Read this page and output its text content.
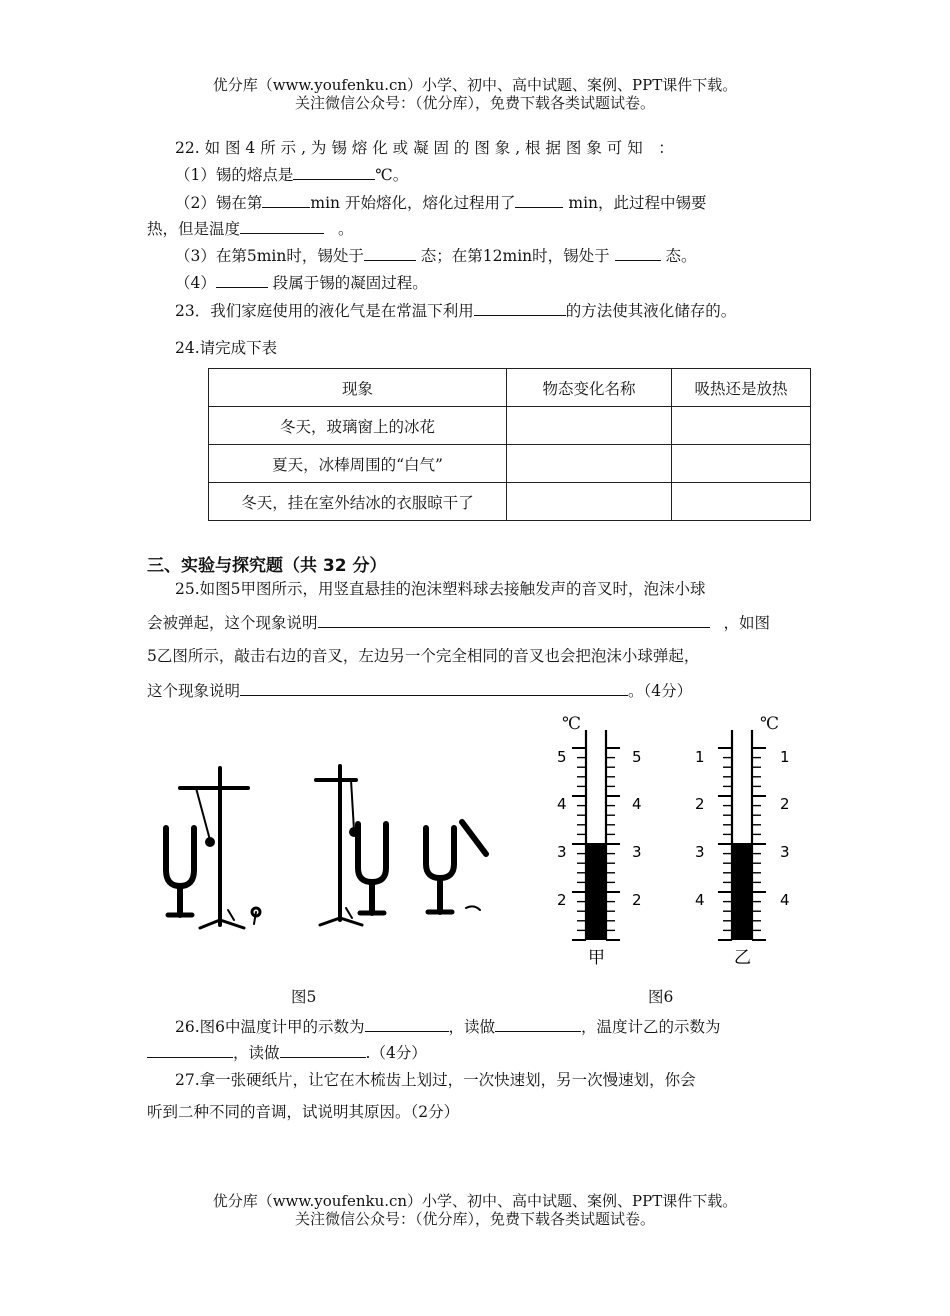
优分库（www.youfenku.cn）小学、初中、高中试题、案例、PPT课件下载。
关注微信公众号：（优分库），免费下载各类试题试卷。
22. 如 图 4 所 示 , 为 锡 熔 化 或 凝 固 的 图 象 , 根 据 图 象 可 知　：
（1）锡的熔点是	℃。
（2）锡在第	min 开始熔化，熔化过程用了	min，此过程中锡要
热，但是温度	。
（3）在第5min时，锡处于	态；在第12min时，锡处于	态。
（4）	段属于锡的凝固过程。
23．我们家庭使用的液化气是在常温下利用	的方法使其液化储存的。
24.请完成下表
现象	物态变化名称	吸热还是放热
冬天，玻璃窗上的冰花		
夏天，冰棒周围的“白气”		
冬天，挂在室外结冰的衣服晾干了		
三、实验与探究题（共 32 分）
25.如图5甲图所示，用竖直悬挂的泡沫塑料球去接触发声的音叉时，泡沫小球
会被弹起，这个现象说明	，如图
5乙图所示，敲击右边的音叉，左边另一个完全相同的音叉也会把泡沫小球弹起，
这个现象说明	。（4分）
℃	℃
5
4
3
2
5
4
3
2
甲
1
2
3
4
1
2
3
4
乙
图5	图6
26.图6中温度计甲的示数为	，读做	，温度计乙的示数为
，读做	.（4分）
27.拿一张硬纸片，让它在木梳齿上划过，一次快速划，另一次慢速划，你会
听到二种不同的音调，试说明其原因。（2分）
优分库（www.youfenku.cn）小学、初中、高中试题、案例、PPT课件下载。
关注微信公众号：（优分库），免费下载各类试题试卷。
